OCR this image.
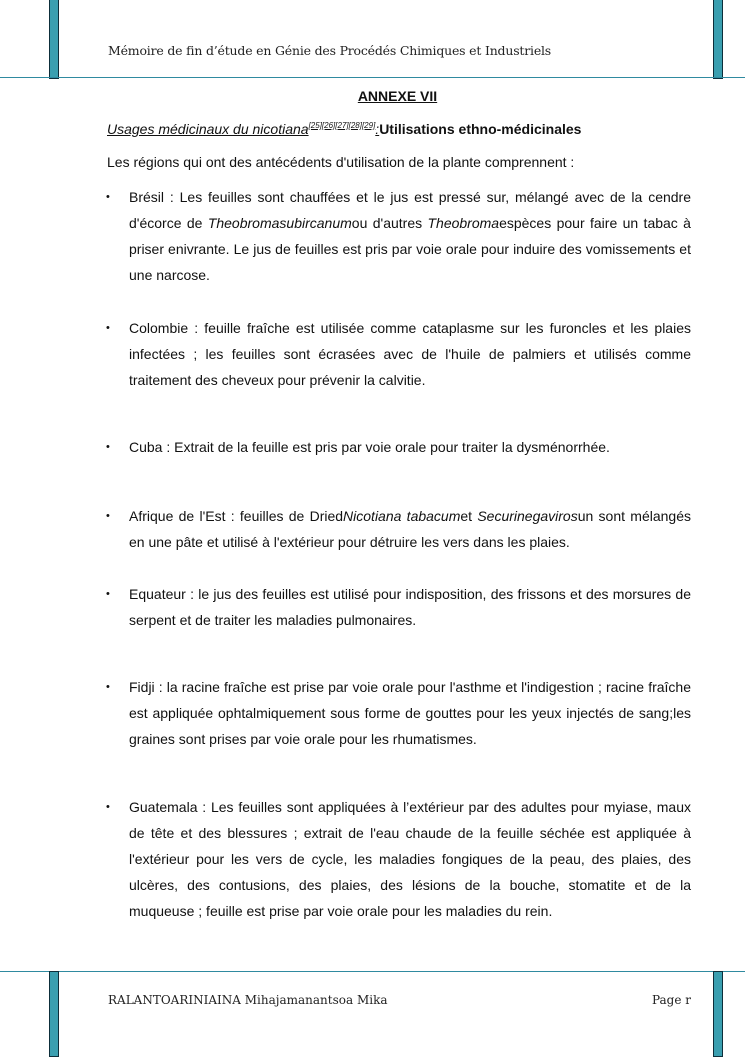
Mémoire de fin d’étude en Génie des Procédés Chimiques et Industriels
RALANTOARINIAINA Mihajamanantsoa Mika	Page r
ANNEXE VII
Usages médicinaux du nicotiana[25][26][27][28][29]:Utilisations ethno-médicinales
Les régions qui ont des antécédents d'utilisation de la plante comprennent :
• Brésil : Les feuilles sont chauffées et le jus est pressé sur, mélangé avec de la cendre d'écorce de Theobromasubircanumou d'autres Theobromaespèces pour faire un tabac à priser enivrante. Le jus de feuilles est pris par voie orale pour induire des vomissements et une narcose.
• Colombie : feuille fraîche est utilisée comme cataplasme sur les furoncles et les plaies infectées ; les feuilles sont écrasées avec de l'huile de palmiers et utilisés comme traitement des cheveux pour prévenir la calvitie.
• Cuba : Extrait de la feuille est pris par voie orale pour traiter la dysménorrhée.
• Afrique de l'Est : feuilles de DriedNicotiana tabacumet Securinegavirosun sont mélangés en une pâte et utilisé à l'extérieur pour détruire les vers dans les plaies.
• Equateur : le jus des feuilles est utilisé pour indisposition, des frissons et des morsures de serpent et de traiter les maladies pulmonaires.
• Fidji : la racine fraîche est prise par voie orale pour l'asthme et l'indigestion ; racine fraîche est appliquée ophtalmiquement sous forme de gouttes pour les yeux injectés de sang;les graines sont prises par voie orale pour les rhumatismes.
• Guatemala : Les feuilles sont appliquées à l’extérieur par des adultes pour myiase, maux de tête et des blessures ; extrait de l'eau chaude de la feuille séchée est appliquée à l'extérieur pour les vers de cycle, les maladies fongiques de la peau, des plaies, des ulcères, des contusions, des plaies, des lésions de la bouche, stomatite et de la muqueuse ; feuille est prise par voie orale pour les maladies du rein.
